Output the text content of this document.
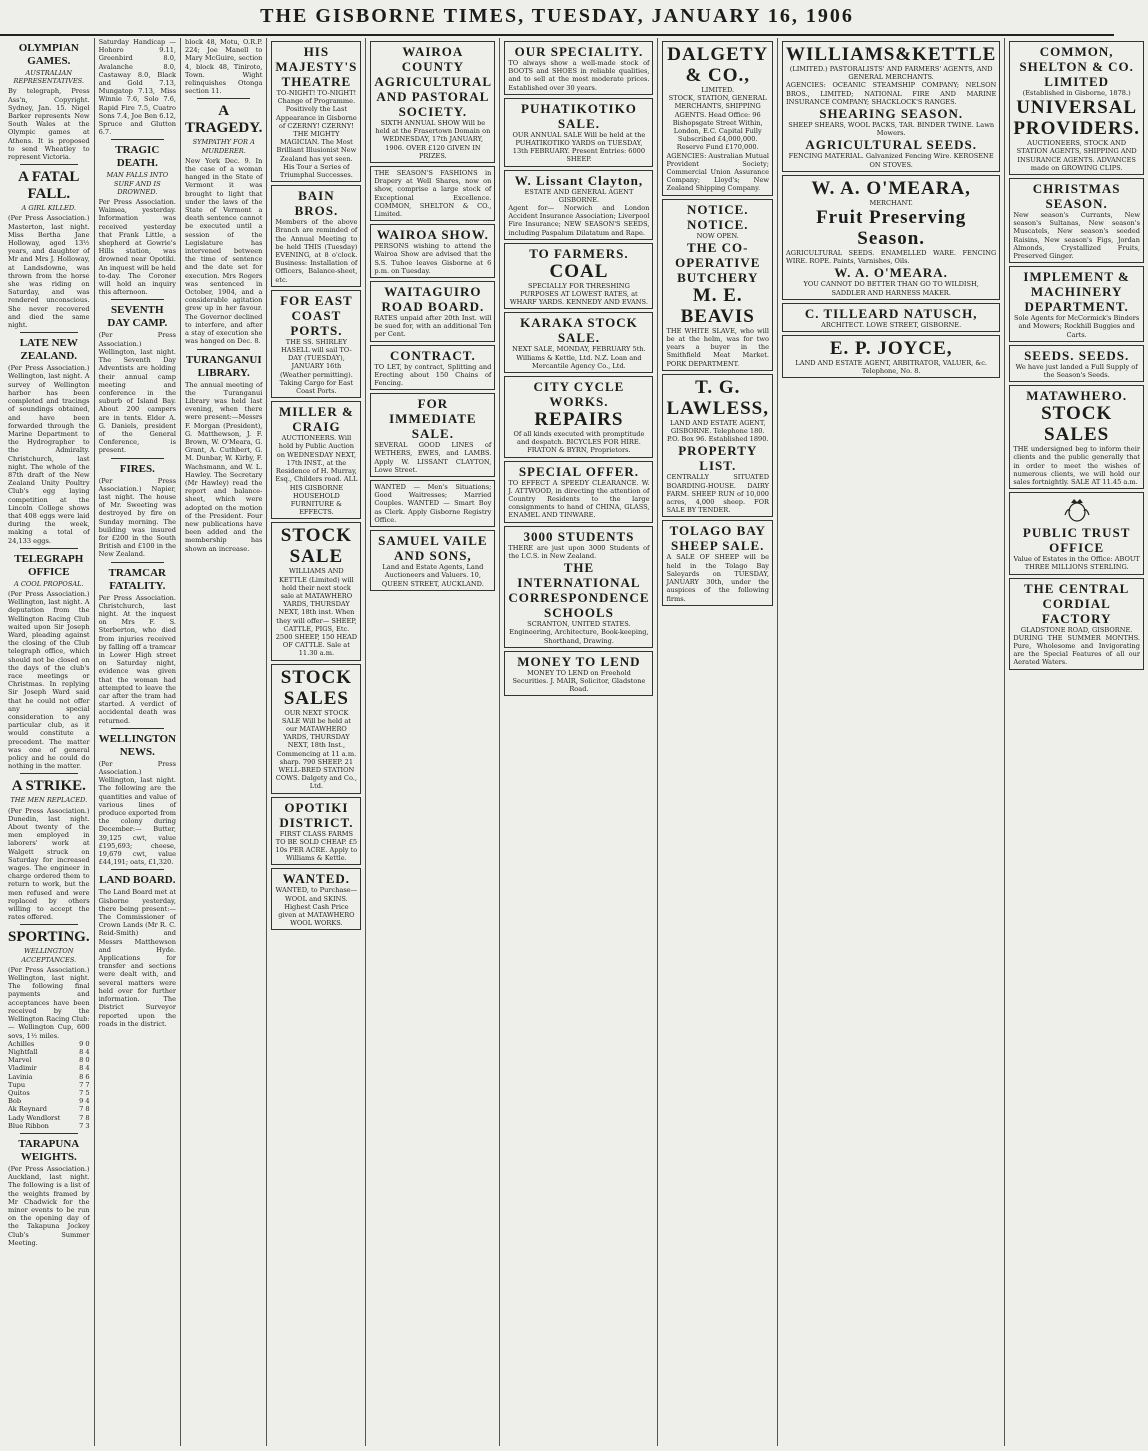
THE GISBORNE TIMES, TUESDAY, JANUARY 16, 1906
OLYMPIAN GAMES.
AUSTRALIAN REPRESENTATIVES.
By telegraph, Press Ass'n, Copyright. Sydney, Jan. 15. Nigel Barker represents New South Wales at the Olympic games at Athens. It is proposed to send Wheatley to represent Victoria.
A FATAL FALL.
A GIRL KILLED.
(Per Press Association.) Masterton, last night. Miss Bertha Jane Holloway, aged 13½ years, and daughter of Mr and Mrs J. Holloway, at Landsdowne, was thrown from the horse she was riding on Saturday, and was rendered unconscious. She never recovered and died the same night.
LATE NEW ZEALAND.
(Per Press Association.) Wellington, last night. A survey of Wellington harbor has been completed and tracings of soundings obtained, and have been forwarded through the Marine Department to the Hydrographer to the Admiralty. Christchurch, last night. The whole of the 87th draft of the New Zealand Unity Poultry Club's egg laying competition at the Lincoln College shows that 408 eggs were laid during the week, making a total of 24,133 eggs.
TELEGRAPH OFFICE
A COOL PROPOSAL.
(Per Press Association.) Wellington, last night. A deputation from the Wellington Racing Club waited upon Sir Joseph Ward, pleading against the closing of the Club telegraph office, which should not be closed on the days of the club's race meetings or Christmas. In replying Sir Joseph Ward said that he could not offer any special consideration to any particular club, as it would constitute a precedent. The matter was one of general policy and he could do nothing in the matter.
A STRIKE.
THE MEN REPLACED.
(Per Press Association.) Dunedin, last night. About twenty of the men employed in laborers' work at Walgett struck on Saturday for increased wages. The engineer in charge ordered them to return to work, but the men refused and were replaced by others willing to accept the rates offered.
SPORTING.
WELLINGTON ACCEPTANCES.
(Per Press Association.) Wellington, last night. The following final payments and acceptances have been received by the Wellington Racing Club:— Wellington Cup, 600 sovs, 1½ miles.
Achilles	9 0
Nightfall	8 4
Marvel	8 0
Vladimir	8 4
Lavinia	8 6
Tupu	7 7
Quitos	7 5
Bob	9 4
Ak Reynard	7 8
Lady Wendlorst	7 8
Blue Ribbon	7 3
TARAPUNA WEIGHTS.
(Per Press Association.) Auckland, last night. The following is a list of the weights framed by Mr Chadwick for the minor events to be run on the opening day of the Takapuna Jockey Club's Summer Meeting.
Saturday Handicap — Hohoro 9.11, Greenbird 8.0, Avalanche 8.0, Castaway 8.0, Black and Gold 7.13, Mungatop 7.13, Miss Winnie 7.6, Solo 7.6, Rapid Fire 7.5, Cuatro Sons 7.4, Joe Ben 6.12, Spruce and Glutton 6.7.
TRAGIC DEATH.
MAN FALLS INTO SURF AND IS DROWNED.
Per Press Association. Waimea, yesterday. Information was received yesterday that Frank Little, a shepherd at Gowrie's Hills station, was drowned near Opotiki. An inquest will be held to-day. The Coroner will hold an inquiry this afternoon.
SEVENTH DAY CAMP.
(Per Press Association.) Wellington, last night. The Seventh Day Adventists are holding their annual camp meeting and conference in the suburb of Island Bay. About 200 campers are in tents. Elder A. G. Daniels, president of the General Conference, is present.
FIRES.
(Per Press Association.) Napier, last night. The house of Mr. Sweeting was destroyed by fire on Sunday morning. The building was insured for £200 in the South British and £100 in the New Zealand.
TRAMCAR FATALITY.
Per Press Association. Christchurch, last night. At the inquest on Mrs F. S. Sterberton, who died from injuries received by falling off a tramcar in Lower High street on Saturday night, evidence was given that the woman had attempted to leave the car after the tram had started. A verdict of accidental death was returned.
WELLINGTON NEWS.
(Per Press Association.) Wellington, last night. The following are the quantities and value of various lines of produce exported from the colony during December:— Butter, 39,125 cwt, value £195,693; cheese, 19,679 cwt, value £44,191; oats, £1,320.
LAND BOARD.
The Land Board met at Gisborne yesterday, there being present:—The Commissioner of Crown Lands (Mr R. C. Reid-Smith) and Messrs Matthewson and Hyde. Applications for transfer and sections were dealt with, and several matters were held over for further information. The District Surveyor reported upon the roads in the district.
block 48, Motu, O.R.P. 224; Joe Manell to Mary McGuire, section 4, block 48, Tiniroto, Town. Wight relinquishes Otonga section 11.
A TRAGEDY.
SYMPATHY FOR A MURDERER.
New York Dec. 9. In the case of a woman hanged in the State of Vermont it was brought to light that under the laws of the State of Vermont a death sentence cannot be executed until a session of the Legislature has intervened between the time of sentence and the date set for execution. Mrs Rogers was sentenced in October, 1904, and a considerable agitation grew up in her favour. The Governor declined to interfere, and after a stay of execution she was hanged on Dec. 8.
TURANGANUI LIBRARY.
The annual meeting of the Turanganui Library was held last evening, when there were present:—Messrs F. Morgan (President), G. Matthewson, J. F. Brown, W. O'Meara, G. Grant, A. Cuthbert, G. M. Dunbar, W. Kirby, F. Wachsmann, and W. L. Hawley. The Secretary (Mr Hawley) read the report and balance-sheet, which were adopted on the motion of the President. Four new publications have been added and the membership has shown an increase.
HIS MAJESTY'S THEATRE
TO-NIGHT! TO-NIGHT!
Change of Programme. Positively the Last Appearance in Gisborne of CZERNY! CZERNY! THE MIGHTY MAGICIAN. The Most Brilliant Illusionist New Zealand has yet seen. His Tour a Series of Triumphal Successes.
BAIN BROS.
Members of the above Branch are reminded of the Annual Meeting to be held THIS (Tuesday) EVENING, at 8 o'clock. Business: Installation of Officers, Balance-sheet, etc.
FOR EAST COAST PORTS.
THE SS. SHIRLEY HASELL will sail TO-DAY (TUESDAY), JANUARY 16th (Weather permitting). Taking Cargo for East Coast Ports.
MILLER & CRAIG
AUCTIONEERS. Will hold by Public Auction on WEDNESDAY NEXT, 17th INST., at the Residence of H. Murray, Esq., Childers road. ALL HIS GISBORNE HOUSEHOLD FURNITURE & EFFECTS.
STOCK SALE
WILLIAMS AND KETTLE (Limited) will hold their next stock sale at MATAWHERO YARDS, THURSDAY NEXT, 18th inst. When they will offer— SHEEP, CATTLE, PIGS, Etc. 2500 SHEEP, 150 HEAD OF CATTLE. Sale at 11.30 a.m.
STOCK SALES
OUR NEXT STOCK SALE Will be held at our MATAWHERO YARDS, THURSDAY NEXT, 18th Inst., Commencing at 11 a.m. sharp. 790 SHEEP. 21 WELL-BRED STATION COWS. Dalgety and Co., Ltd.
OPOTIKI DISTRICT.
FIRST CLASS FARMS TO BE SOLD CHEAP. £5 10s PER ACRE. Apply to Williams & Kettle.
WANTED.
WANTED, to Purchase—WOOL and SKINS. Highest Cash Price given at MATAWHERO WOOL WORKS.
WAIROA COUNTY AGRICULTURAL AND PASTORAL SOCIETY.
SIXTH ANNUAL SHOW Will be held at the Frasertown Domain on WEDNESDAY, 17th JANUARY, 1906. OVER £120 GIVEN IN PRIZES.
THE SEASON'S FASHIONS in Drapery at Well Shares, now on show, comprise a large stock of Exceptional Excellence. COMMON, SHELTON & CO., Limited.
WAIROA SHOW.
PERSONS wishing to attend the Wairoa Show are advised that the S.S. Tuhoe leaves Gisborne at 6 p.m. on Tuesday.
WAITAGUIRO ROAD BOARD.
RATES unpaid after 20th Inst. will be sued for, with an additional Ten per Cent.
CONTRACT.
TO LET, by contract, Splitting and Erecting about 150 Chains of Fencing.
FOR IMMEDIATE SALE.
SEVERAL GOOD LINES of WETHERS, EWES, and LAMBS. Apply W. LISSANT CLAYTON, Lowe Street.
WANTED — Men's Situations; Good Waitresses; Married Couples. WANTED — Smart Boy as Clerk. Apply Gisborne Registry Office.
SAMUEL VAILE AND SONS,
Land and Estate Agents, Land Auctioneers and Valuers. 10, QUEEN STREET, AUCKLAND.
OUR SPECIALITY.
TO always show a well-made stock of BOOTS and SHOES in reliable qualities, and to sell at the most moderate prices. Established over 30 years.
PUHATIKOTIKO SALE.
OUR ANNUAL SALE Will be held at the PUHATIKOTIKO YARDS on TUESDAY, 13th FEBRUARY. Present Entries: 6000 SHEEP.
W. Lissant Clayton,
ESTATE AND GENERAL AGENT GISBORNE.
Agent for— Norwich and London Accident Insurance Association; Liverpool Fire Insurance; NEW SEASON'S SEEDS, including Paspalum Dilatatum and Rape.
TO FARMERS.
COAL
SPECIALLY FOR THRESHING PURPOSES AT LOWEST RATES, at WHARF YARDS. KENNEDY AND EVANS.
KARAKA STOCK SALE.
NEXT SALE, MONDAY, FEBRUARY 5th. Williams & Kettle, Ltd. N.Z. Loan and Mercantile Agency Co., Ltd.
CITY CYCLE WORKS.
REPAIRS
Of all kinds executed with promptitude and despatch. BICYCLES FOR HIRE. FRATON & BYRN, Proprietors.
SPECIAL OFFER.
TO EFFECT A SPEEDY CLEARANCE. W. J. ATTWOOD, in directing the attention of Country Residents to the large consignments to hand of CHINA, GLASS, ENAMEL AND TINWARE.
3000 STUDENTS
THERE are just upon 3000 Students of the I.C.S. in New Zealand.
THE INTERNATIONAL CORRESPONDENCE SCHOOLS
SCRANTON, UNITED STATES. Engineering, Architecture, Book-keeping, Shorthand, Drawing.
MONEY TO LEND
MONEY TO LEND on Freehold Securities. J. MAIR, Solicitor, Gladstone Road.
DALGETY & CO.,
LIMITED.
STOCK, STATION, GENERAL MERCHANTS, SHIPPING AGENTS. Head Office: 96 Bishopsgate Street Within, London, E.C. Capital Fully Subscribed £4,000,000. Reserve Fund £170,000.
AGENCIES: Australian Mutual Provident Society; Commercial Union Assurance Company; Lloyd's; New Zealand Shipping Company.
NOTICE. NOTICE.
NOW OPEN.
THE CO-OPERATIVE BUTCHERY
M. E. BEAVIS
THE WHITE SLAVE, who will be at the helm, was for two years a buyer in the Smithfield Meat Market. PORK DEPARTMENT.
T. G. LAWLESS,
LAND AND ESTATE AGENT, GISBORNE. Telephone 180. P.O. Box 96. Established 1890.
PROPERTY LIST.
CENTRALLY SITUATED BOARDING-HOUSE. DAIRY FARM. SHEEP RUN of 10,000 acres, 4,000 sheep. FOR SALE BY TENDER.
TOLAGO BAY SHEEP SALE.
A SALE OF SHEEP will be held in the Tolago Bay Saleyards on TUESDAY, JANUARY 30th, under the auspices of the following firms.
WILLIAMS&KETTLE
(LIMITED.) PASTORALISTS' AND FARMERS' AGENTS, AND GENERAL MERCHANTS.
AGENCIES: OCEANIC STEAMSHIP COMPANY; NELSON BROS., LIMITED; NATIONAL FIRE AND MARINE INSURANCE COMPANY; SHACKLOCK'S RANGES.
SHEARING SEASON.
SHEEP SHEARS, WOOL PACKS, TAR. BINDER TWINE. Lawn Mowers.
AGRICULTURAL SEEDS.
FENCING MATERIAL. Galvanized Fencing Wire. KEROSENE ON STOVES.
W. A. O'MEARA,
MERCHANT.
Fruit Preserving Season.
AGRICULTURAL SEEDS. ENAMELLED WARE. FENCING WIRE. ROPE. Paints, Varnishes, Oils.
W. A. O'MEARA.
YOU CANNOT DO BETTER THAN GO TO WILDISH, SADDLER AND HARNESS MAKER.
C. TILLEARD NATUSCH,
ARCHITECT. LOWE STREET, GISBORNE.
E. P. JOYCE,
LAND AND ESTATE AGENT, ARBITRATOR, VALUER, &c. Telephone, No. 8.
COMMON, SHELTON & CO. LIMITED
(Established in Gisborne, 1878.)
UNIVERSAL PROVIDERS.
AUCTIONEERS, STOCK AND STATION AGENTS, SHIPPING AND INSURANCE AGENTS. ADVANCES made on GROWING CLIPS.
CHRISTMAS SEASON.
New season's Currants, New season's Sultanas, New season's Muscatels, New season's seeded Raisins, New season's Figs, Jordan Almonds, Crystallized Fruits, Preserved Ginger.
IMPLEMENT & MACHINERY DEPARTMENT.
Sole Agents for McCormick's Binders and Mowers; Rockhill Buggies and Carts.
SEEDS. SEEDS.
We have just landed a Full Supply of the Season's Seeds.
MATAWHERO.
STOCK SALES
THE undersigned beg to inform their clients and the public generally that in order to meet the wishes of numerous clients, we will hold our sales fortnightly. SALE AT 11.45 a.m.
PUBLIC TRUST OFFICE
Value of Estates in the Office: ABOUT THREE MILLIONS STERLING.
THE CENTRAL CORDIAL FACTORY
GLADSTONE ROAD, GISBORNE.
DURING THE SUMMER MONTHS. Pure, Wholesome and Invigorating are the Special Features of all our Aerated Waters.
